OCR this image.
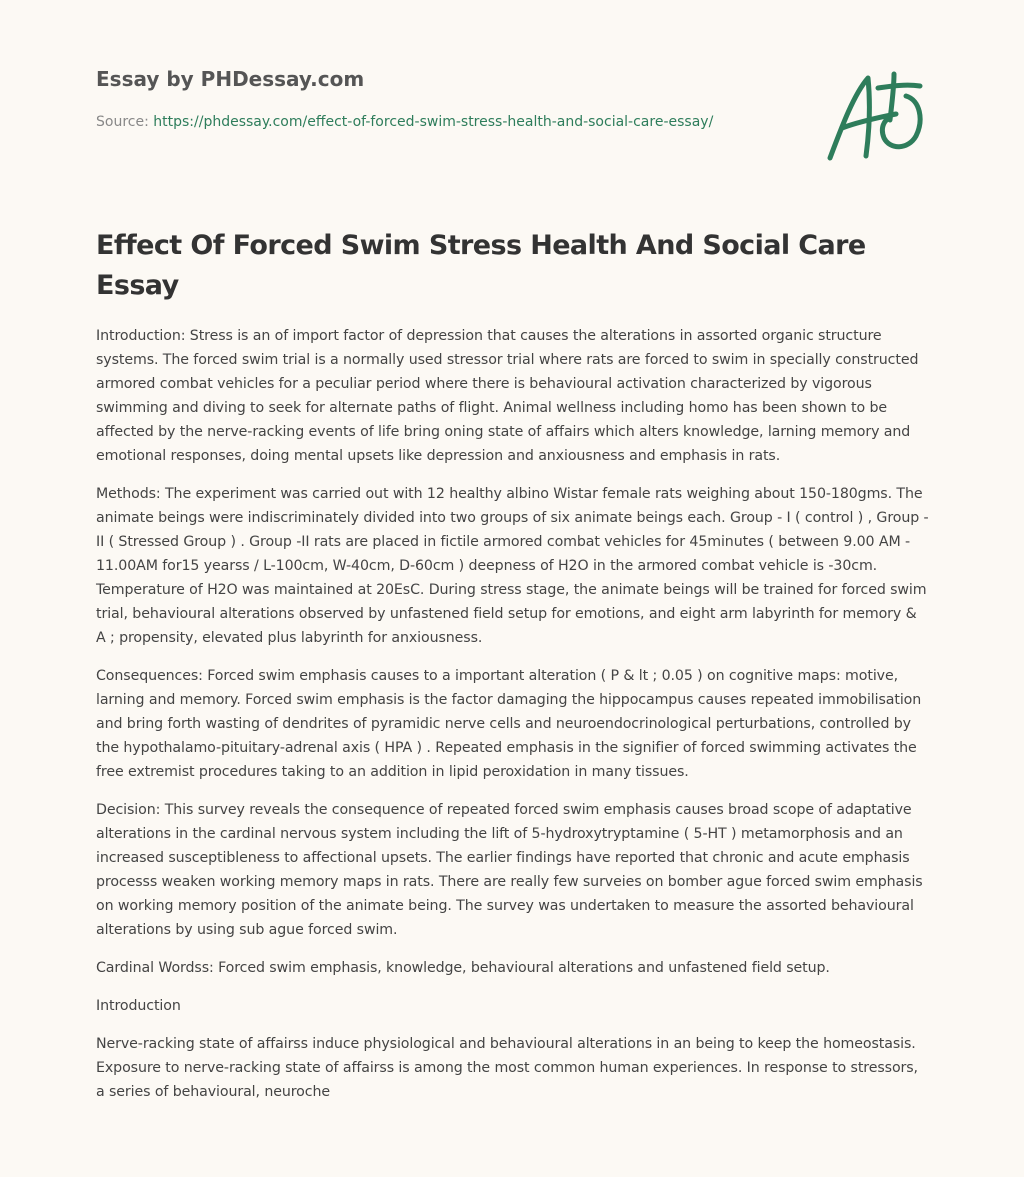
Essay by PHDessay.com
Source: https://phdessay.com/effect-of-forced-swim-stress-health-and-social-care-essay/
Effect Of Forced Swim Stress Health And Social Care Essay

Introduction: Stress is an of import factor of depression that causes the alterations in assorted organic structure systems. The forced swim trial is a normally used stressor trial where rats are forced to swim in specially constructed armored combat vehicles for a peculiar period where there is behavioural activation characterized by vigorous swimming and diving to seek for alternate paths of flight. Animal wellness including homo has been shown to be affected by the nerve-racking events of life bring oning state of affairs which alters knowledge, larning memory and emotional responses, doing mental upsets like depression and anxiousness and emphasis in rats.

Methods: The experiment was carried out with 12 healthy albino Wistar female rats weighing about 150-180gms. The animate beings were indiscriminately divided into two groups of six animate beings each. Group - I ( control ) , Group - II ( Stressed Group ) . Group -II rats are placed in fictile armored combat vehicles for 45minutes ( between 9.00 AM - 11.00AM for15 yearss / L-100cm, W-40cm, D-60cm ) deepness of H2O in the armored combat vehicle is -30cm. Temperature of H2O was maintained at 20EsC. During stress stage, the animate beings will be trained for forced swim trial, behavioural alterations observed by unfastened field setup for emotions, and eight arm labyrinth for memory & A ; propensity, elevated plus labyrinth for anxiousness.

Consequences: Forced swim emphasis causes to a important alteration ( P & lt ; 0.05 ) on cognitive maps: motive, larning and memory. Forced swim emphasis is the factor damaging the hippocampus causes repeated immobilisation and bring forth wasting of dendrites of pyramidic nerve cells and neuroendocrinological perturbations, controlled by the hypothalamo-pituitary-adrenal axis ( HPA ) . Repeated emphasis in the signifier of forced swimming activates the free extremist procedures taking to an addition in lipid peroxidation in many tissues.

Decision: This survey reveals the consequence of repeated forced swim emphasis causes broad scope of adaptative alterations in the cardinal nervous system including the lift of 5-hydroxytryptamine ( 5-HT ) metamorphosis and an increased susceptibleness to affectional upsets. The earlier findings have reported that chronic and acute emphasis processs weaken working memory maps in rats. There are really few surveies on bomber ague forced swim emphasis on working memory position of the animate being. The survey was undertaken to measure the assorted behavioural alterations by using sub ague forced swim.

Cardinal Wordss: Forced swim emphasis, knowledge, behavioural alterations and unfastened field setup.

Introduction

Nerve-racking state of affairss induce physiological and behavioural alterations in an being to keep the homeostasis. Exposure to nerve-racking state of affairss is among the most common human experiences. In response to stressors, a series of behavioural, neuroche
